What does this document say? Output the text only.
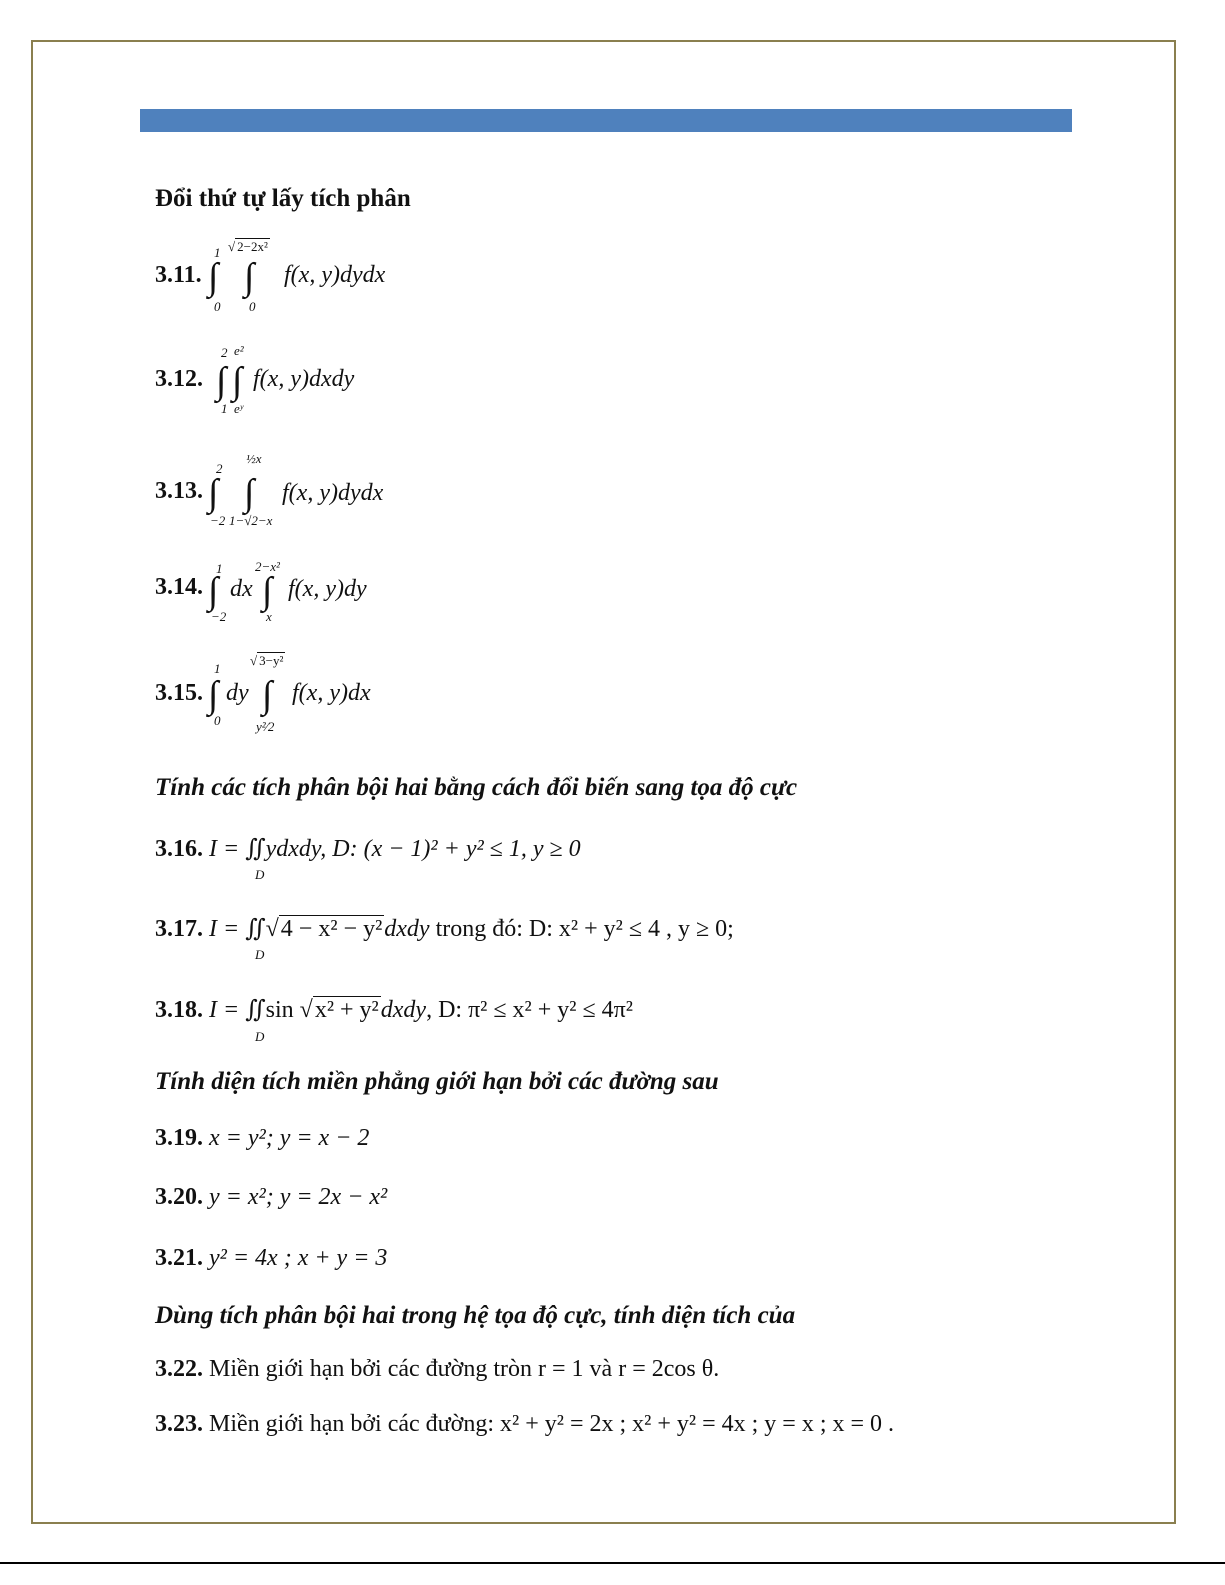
Đổi thứ tự lấy tích phân
3.11. ∫
1
0
∫
√ 2−2x²
0
f(x, y)dydx
3.12. ∫
2
1
∫
e²
eʸ
f(x, y)dxdy
3.13. ∫
2
−2
∫
½x
1−√2−x
f(x, y)dydx
3.14. ∫
1
−2
dx ∫
2−x²
x
f(x, y)dy
3.15. ∫
1
0
dy ∫
√ 3−y²
y²⁄2
f(x, y)dx
Tính các tích phân bội hai bằng cách đổi biến sang tọa độ cực
3.16. I = ∬ydxdy, D: (x − 1)² + y² ≤ 1, y ≥ 0
D
3.17. I = ∬√4 − x² − y²dxdy trong đó: D: x² + y² ≤ 4 , y ≥ 0;
D
3.18. I = ∬sin √x² + y²dxdy, D: π² ≤ x² + y² ≤ 4π²
D
Tính diện tích miền phẳng giới hạn bởi các đường sau
3.19. x = y²; y = x − 2
3.20. y = x²; y = 2x − x²
3.21. y² = 4x ; x + y = 3
Dùng tích phân bội hai trong hệ tọa độ cực, tính diện tích của
3.22. Miền giới hạn bởi các đường tròn r = 1 và r = 2cos θ.
3.23. Miền giới hạn bởi các đường: x² + y² = 2x ; x² + y² = 4x ; y = x ; x = 0 .
